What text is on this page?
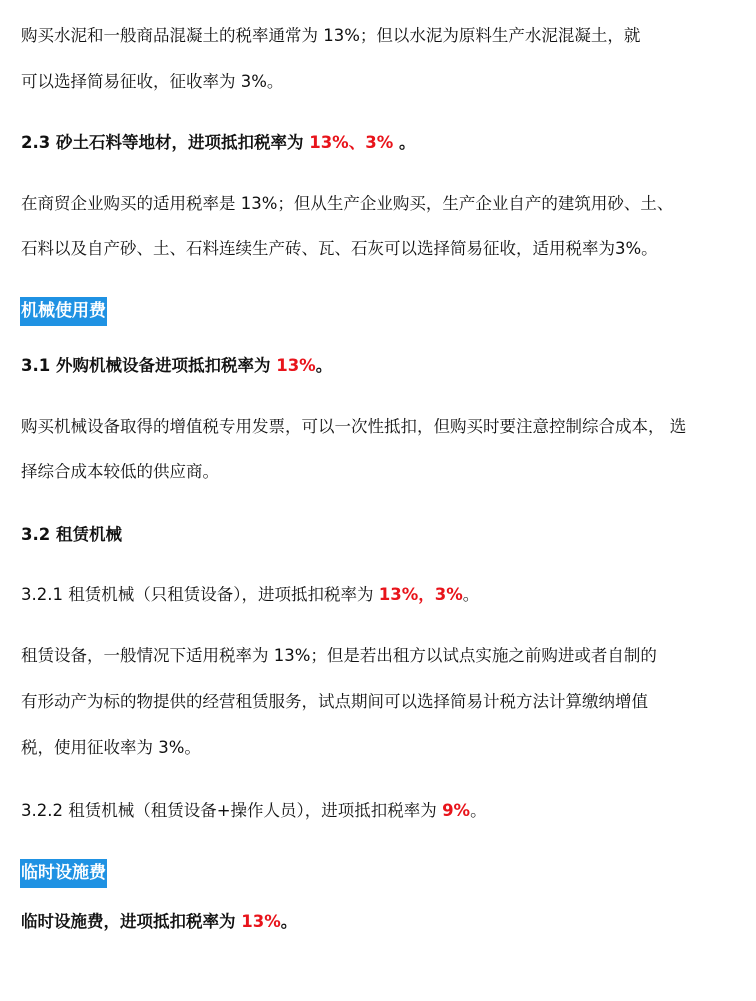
购买水泥和一般商品混凝土的税率通常为 13%；但以水泥为原料生产水泥混凝土，就
可以选择简易征收，征收率为 3%。
2.3 砂土石料等地材，进项抵扣税率为 13%、3% 。
在商贸企业购买的适用税率是 13%；但从生产企业购买，生产企业自产的建筑用砂、土、
石料以及自产砂、土、石料连续生产砖、瓦、石灰可以选择简易征收，适用税率为3%。
机械使用费
3.1 外购机械设备进项抵扣税率为 13%。
购买机械设备取得的增值税专用发票，可以一次性抵扣，但购买时要注意控制综合成本， 选
择综合成本较低的供应商。
3.2 租赁机械
3.2.1 租赁机械（只租赁设备），进项抵扣税率为 13%，3%。
租赁设备，一般情况下适用税率为 13%；但是若出租方以试点实施之前购进或者自制的
有形动产为标的物提供的经营租赁服务，试点期间可以选择简易计税方法计算缴纳增值
税，使用征收率为 3%。
3.2.2 租赁机械（租赁设备+操作人员），进项抵扣税率为 9%。
临时设施费
临时设施费，进项抵扣税率为 13%。
